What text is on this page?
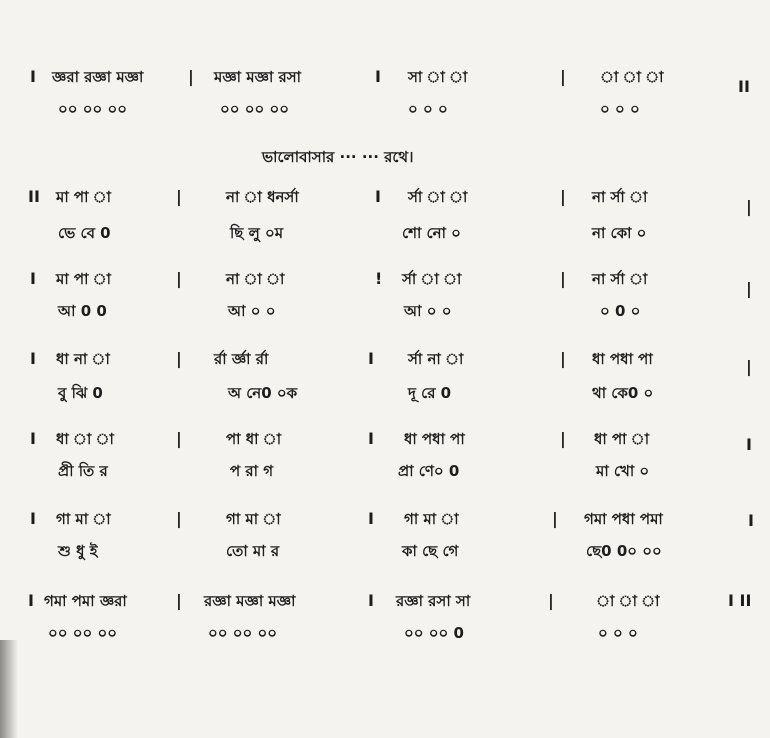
ভালোবাসার ··· ··· রথে।
I জ্ঞরা রজ্ঞা মজ্ঞা	| মজ্ঞা মজ্ঞা রসা	I সা া া	| া া া	II
০০ ০০ ০০	০০ ০০ ০০	০ ০ ০	০ ০ ০
II মা পা া	|	না া ধনর্সা	I র্সা া া	| না র্সা া	|
ভে বে 0	ছি লু ০ম	শো নো ০	না কো ০
I মা পা া	|	না া া	! র্সা া া	| না র্সা া	|
আ 0 0	আ ০ ০	আ ০ ০	০ 0 ০
I ধা না া	| র্রা র্জ্ঞা র্রা	I র্সা না া	| ধা পধা পা	|
বু ঝি 0	অ নে0 ০ক	দূ রে 0	থা কে0 ০
I ধা া া	|	পা ধা া	I ধা পধা পা	| ধা পা া	I
প্রী তি র	প রা গ	প্রা ণে০ 0	মা খো ০
I গা মা া	|	গা মা া	I গা মা া	| গমা পধা পমা	I
শু ধু ই	তো মা র	কা ছে গে	ছে0 0০ ০০
I গমা পমা জ্ঞরা	| রজ্ঞা মজ্ঞা মজ্ঞা	I রজ্ঞা রসা সা	|	া া া	I II
০০ ০০ ০০	০০ ০০ ০০	০০ ০০ 0	০ ০ ০
